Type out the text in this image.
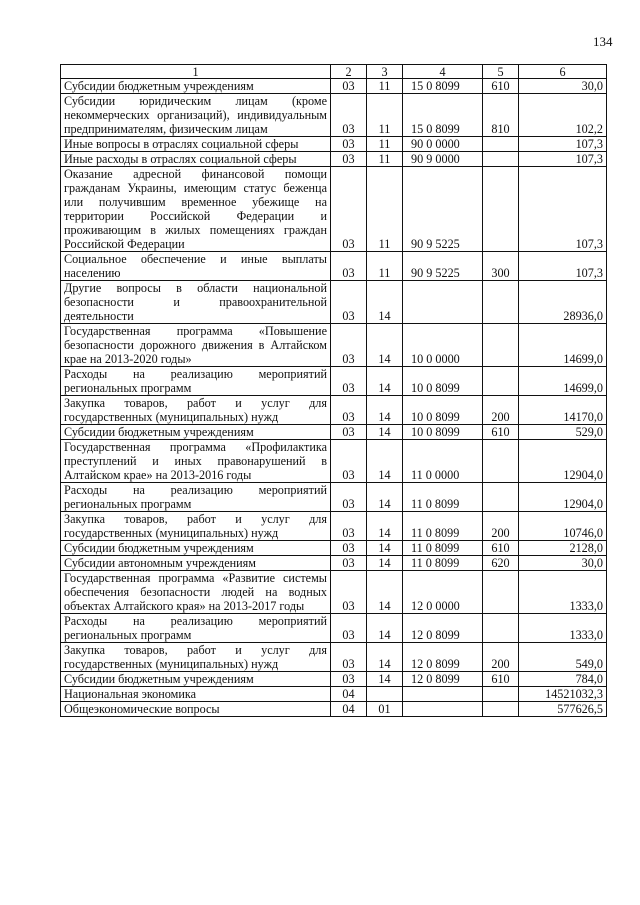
134
1	2	3	4	5	6
Субсидии бюджетным учреждениям	03	11	15 0 8099	610	30,0
Субсидии юридическим лицам (кроме некоммерческих организаций), индивидуальным предпринимателям, физическим лицам	03	11	15 0 8099	810	102,2
Иные вопросы в отраслях социальной сферы	03	11	90 0 0000		107,3
Иные расходы в отраслях социальной сферы	03	11	90 9 0000		107,3
Оказание адресной финансовой помощи гражданам Украины, имеющим статус беженца или получившим временное убежище на территории Российской Федерации и проживающим в жилых помещениях граждан Российской Федерации	03	11	90 9 5225		107,3
Социальное обеспечение и иные выплаты населению	03	11	90 9 5225	300	107,3
Другие вопросы в области национальной безопасности и правоохранительной деятельности	03	14			28936,0
Государственная программа «Повышение безопасности дорожного движения в Алтайском крае на 2013-2020 годы»	03	14	10 0 0000		14699,0
Расходы на реализацию мероприятий региональных программ	03	14	10 0 8099		14699,0
Закупка товаров, работ и услуг для государственных (муниципальных) нужд	03	14	10 0 8099	200	14170,0
Субсидии бюджетным учреждениям	03	14	10 0 8099	610	529,0
Государственная программа «Профилактика преступлений и иных правонарушений в Алтайском крае» на 2013-2016 годы	03	14	11 0 0000		12904,0
Расходы на реализацию мероприятий региональных программ	03	14	11 0 8099		12904,0
Закупка товаров, работ и услуг для государственных (муниципальных) нужд	03	14	11 0 8099	200	10746,0
Субсидии бюджетным учреждениям	03	14	11 0 8099	610	2128,0
Субсидии автономным учреждениям	03	14	11 0 8099	620	30,0
Государственная программа «Развитие системы обеспечения безопасности людей на водных объектах Алтайского края» на 2013-2017 годы	03	14	12 0 0000		1333,0
Расходы на реализацию мероприятий региональных программ	03	14	12 0 8099		1333,0
Закупка товаров, работ и услуг для государственных (муниципальных) нужд	03	14	12 0 8099	200	549,0
Субсидии бюджетным учреждениям	03	14	12 0 8099	610	784,0
Национальная экономика	04				14521032,3
Общеэкономические вопросы	04	01			577626,5
